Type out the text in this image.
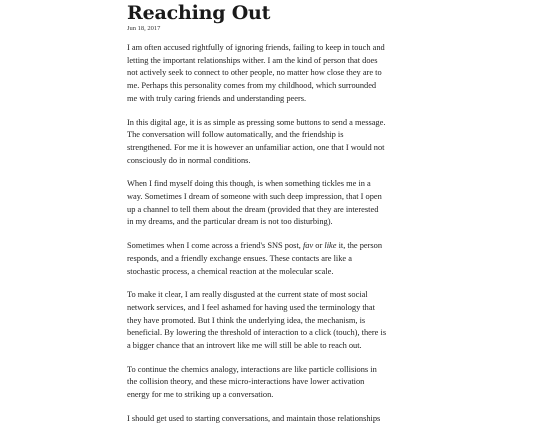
Reaching Out
Jun 18, 2017

I am often accused rightfully of ignoring friends, failing to keep in touch and
letting the important relationships wither. I am the kind of person that does
not actively seek to connect to other people, no matter how close they are to
me. Perhaps this personality comes from my childhood, which surrounded
me with truly caring friends and understanding peers.

In this digital age, it is as simple as pressing some buttons to send a message.
The conversation will follow automatically, and the friendship is
strengthened. For me it is however an unfamiliar action, one that I would not
consciously do in normal conditions.

When I find myself doing this though, is when something tickles me in a
way. Sometimes I dream of someone with such deep impression, that I open
up a channel to tell them about the dream (provided that they are interested
in my dreams, and the particular dream is not too disturbing).

Sometimes when I come across a friend's SNS post, fav or like it, the person
responds, and a friendly exchange ensues. These contacts are like a
stochastic process, a chemical reaction at the molecular scale.

To make it clear, I am really disgusted at the current state of most social
network services, and I feel ashamed for having used the terminology that
they have promoted. But I think the underlying idea, the mechanism, is
beneficial. By lowering the threshold of interaction to a click (touch), there is
a bigger chance that an introvert like me will still be able to reach out.

To continue the chemics analogy, interactions are like particle collisions in
the collision theory, and these micro-interactions have lower activation
energy for me to striking up a conversation.

I should get used to starting conversations, and maintain those relationships
